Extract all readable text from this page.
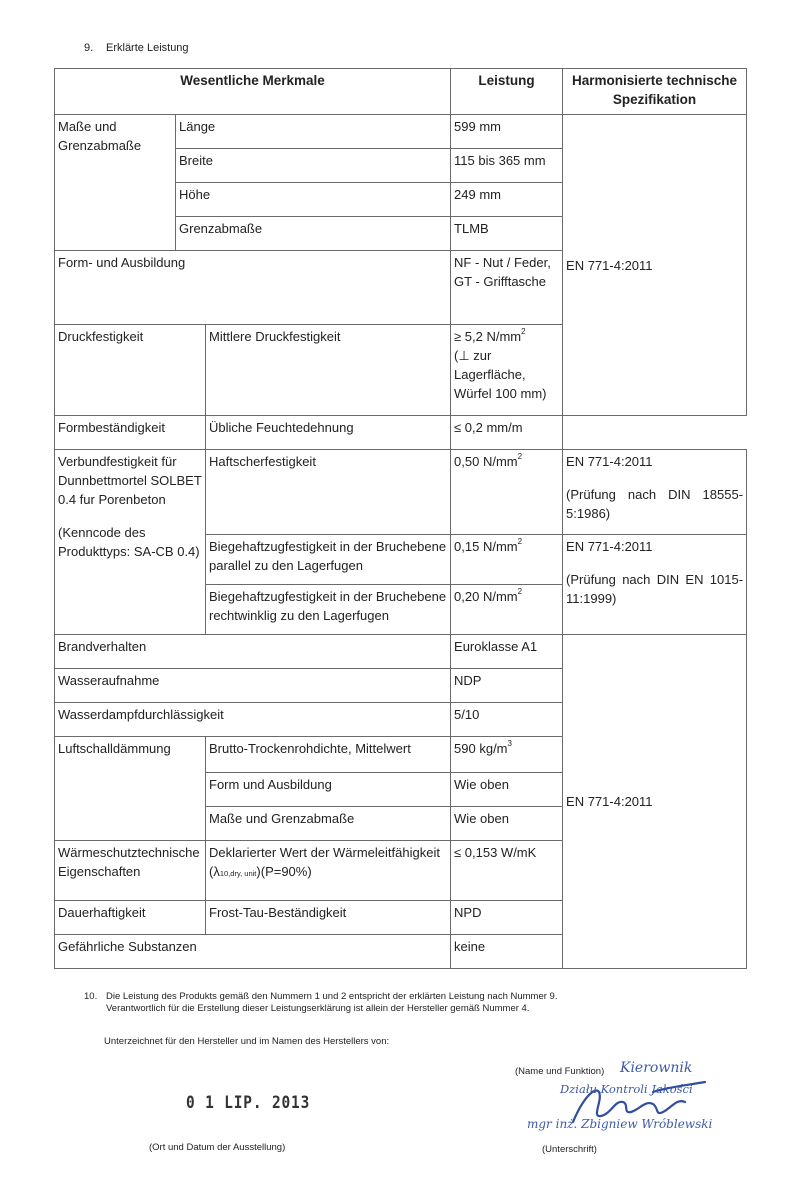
9. Erklärte Leistung
Wesentliche Merkmale			Leistung	Harmonisierte technische Spezifikation
Maße und Grenzabmaße	Länge		599 mm	EN 771-4:2011
	Breite		115 bis 365 mm	
	Höhe		249 mm	
	Grenzabmaße		TLMB	
Form- und Ausbildung			NF - Nut / Feder, GT - Grifftasche	
Druckfestigkeit		Mittlere Druckfestigkeit	≥ 5,2 $N/mm^2$
(⊥ zur Lagerfläche, Würfel 100 mm)	
Formbeständigkeit		Übliche Feuchtedehnung	≤ 0,2 mm/m	
Verbundfestigkeit für Dunnbettmortel SOLBET 0.4 fur Porenbeton
(Kenncode des Produkttyps: SA-CB 0.4)		Haftscherfestigkeit	0,50 $N/mm^2$	EN 771-4:2011
(Prüfung nach DIN 18555-5:1986)
		Biegehaftzugfestigkeit in der Bruchebene parallel zu den Lagerfugen	0,15 $N/mm^2$	EN 771-4:2011
(Prüfung nach DIN EN 1015-11:1999)
		Biegehaftzugfestigkeit in der Bruchebene rechtwinklig zu den Lagerfugen	0,20 $N/mm^2$
Brandverhalten			Euroklasse A1	EN 771-4:2011
Wasseraufnahme			NDP	
Wasserdampfdurchlässigkeit			5/10	
Luftschalldämmung		Brutto-Trockenrohdichte, Mittelwert	590 $kg/m^3$
		Form und Ausbildung	Wie oben	
		Maße und Grenzabmaße	Wie oben	
Wärmeschutztechnische Eigenschaften		Deklarierter Wert der Wärmeleitfähigkeit
(λ10,dry, unit)(P=90%)	≤ 0,153 W/mK	
Dauerhaftigkeit		Frost-Tau-Beständigkeit	NPD	
Gefährliche Substanzen			keine	
10. Die Leistung des Produkts gemäß den Nummern 1 und 2 entspricht der erklärten Leistung nach Nummer 9.
Verantwortlich für die Erstellung dieser Leistungserklärung ist allein der Hersteller gemäß Nummer 4.
Unterzeichnet für den Hersteller und im Namen des Herstellers von:
0 1 LIP. 2013
(Ort und Datum der Ausstellung)
(Name und Funktion) Kierownik
Działu Kontroli Jakości
mgr inż. Zbigniew Wróblewski
(Unterschrift)
